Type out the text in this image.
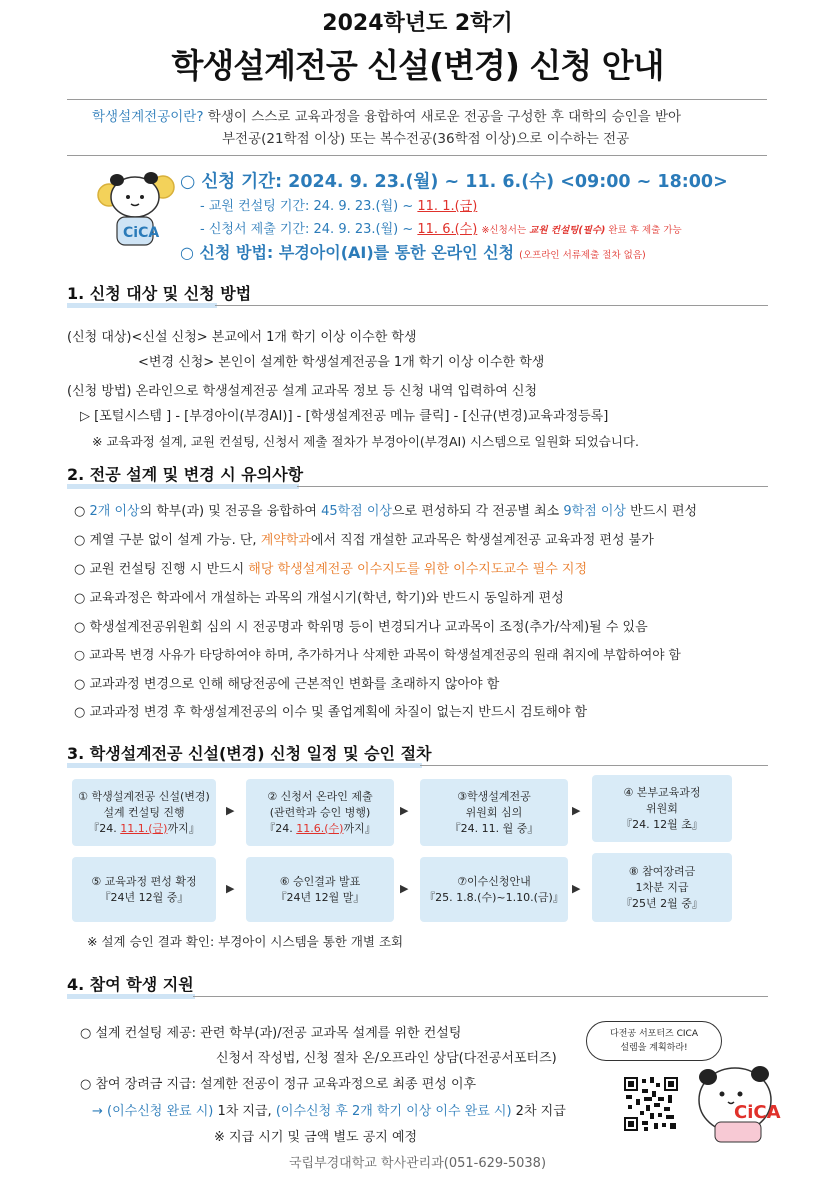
2024학년도 2학기
학생설계전공 신설(변경) 신청 안내
학생설계전공이란? 학생이 스스로 교육과정을 융합하여 새로운 전공을 구성한 후 대학의 승인을 받아
부전공(21학점 이상) 또는 복수전공(36학점 이상)으로 이수하는 전공
CiCA
○ 신청 기간: 2024. 9. 23.(월) ~ 11. 6.(수) <09:00 ~ 18:00>
- 교원 컨설팅 기간: 24. 9. 23.(월) ~ 11. 1.(금)
- 신청서 제출 기간: 24. 9. 23.(월) ~ 11. 6.(수) ※신청서는 교원 컨설팅(필수) 완료 후 제출 가능
○ 신청 방법: 부경아이(AI)를 통한 온라인 신청 (오프라인 서류제출 절차 없음)
1. 신청 대상 및 신청 방법
(신청 대상)<신설 신청> 본교에서 1개 학기 이상 이수한 학생
<변경 신청> 본인이 설계한 학생설계전공을 1개 학기 이상 이수한 학생
(신청 방법) 온라인으로 학생설계전공 설계 교과목 정보 등 신청 내역 입력하여 신청
▷ [포털시스템 ] - [부경아이(부경AI)] - [학생설계전공 메뉴 클릭] - [신규(변경)교육과정등록]
※ 교육과정 설계, 교원 컨설팅, 신청서 제출 절차가 부경아이(부경AI) 시스템으로 일원화 되었습니다.
2. 전공 설계 및 변경 시 유의사항
○ 2개 이상의 학부(과) 및 전공을 융합하여 45학점 이상으로 편성하되 각 전공별 최소 9학점 이상 반드시 편성
○ 계열 구분 없이 설계 가능. 단, 계약학과에서 직접 개설한 교과목은 학생설계전공 교육과정 편성 불가
○ 교원 컨설팅 진행 시 반드시 해당 학생설계전공 이수지도를 위한 이수지도교수 필수 지정
○ 교육과정은 학과에서 개설하는 과목의 개설시기(학년, 학기)와 반드시 동일하게 편성
○ 학생설계전공위원회 심의 시 전공명과 학위명 등이 변경되거나 교과목이 조정(추가/삭제)될 수 있음
○ 교과목 변경 사유가 타당하여야 하며, 추가하거나 삭제한 과목이 학생설계전공의 원래 취지에 부합하여야 함
○ 교과과정 변경으로 인해 해당전공에 근본적인 변화를 초래하지 않아야 함
○ 교과과정 변경 후 학생설계전공의 이수 및 졸업계획에 차질이 없는지 반드시 검토해야 함
3. 학생설계전공 신설(변경) 신청 일정 및 승인 절차
① 학생설계전공 신설(변경)
설계 컨설팅 진행
『24. 11.1.(금)까지』
▶
② 신청서 온라인 제출
(관련학과 승인 병행)
『24. 11.6.(수)까지』
▶
③학생설계전공
위원회 심의
『24. 11. 월 중』
▶
④ 본부교육과정
위원회
『24. 12월 초』
⑤ 교육과정 편성 확정
『24년 12월 중』
▶
⑥ 승인결과 발표
『24년 12월 말』
▶
⑦이수신청안내
『25. 1.8.(수)~1.10.(금)』
▶
⑧ 참여장려금
1차분 지급
『25년 2월 중』
※ 설계 승인 결과 확인: 부경아이 시스템을 통한 개별 조회
4. 참여 학생 지원
○ 설계 컨설팅 제공: 관련 학부(과)/전공 교과목 설계를 위한 컨설팅
신청서 작성법, 신청 절차 온/오프라인 상담(다전공서포터즈)
○ 참여 장려금 지급: 설계한 전공이 정규 교육과정으로 최종 편성 이후
→ (이수신청 완료 시) 1차 지급, (이수신청 후 2개 학기 이상 이수 완료 시) 2차 지급
※ 지급 시기 및 금액 별도 공지 예정
다전공 서포터즈 CICA
설렘을 계획하라!
CiCA
국립부경대학교 학사관리과(051-629-5038)
